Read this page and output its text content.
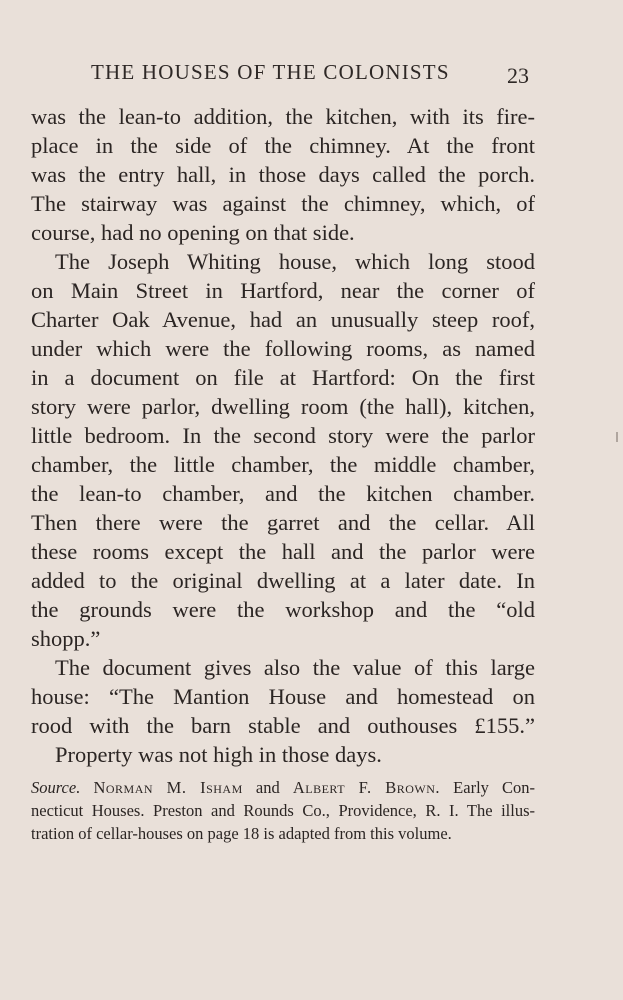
THE HOUSES OF THE COLONISTS	23
was the lean-to addition, the kitchen, with its fire-
place in the side of the chimney. At the front
was the entry hall, in those days called the porch.
The stairway was against the chimney, which, of
course, had no opening on that side.
The Joseph Whiting house, which long stood
on Main Street in Hartford, near the corner of
Charter Oak Avenue, had an unusually steep roof,
under which were the following rooms, as named
in a document on file at Hartford: On the first
story were parlor, dwelling room (the hall), kitchen,
little bedroom. In the second story were the parlor
chamber, the little chamber, the middle chamber,
the lean-to chamber, and the kitchen chamber.
Then there were the garret and the cellar. All
these rooms except the hall and the parlor were
added to the original dwelling at a later date. In
the grounds were the workshop and the “old
shopp.”
The document gives also the value of this large
house: “The Mantion House and homestead on
rood with the barn stable and outhouses £155.”
Property was not high in those days.
Source. Norman M. Isham and Albert F. Brown. Early Con-
necticut Houses. Preston and Rounds Co., Providence, R. I. The illus-
tration of cellar-houses on page 18 is adapted from this volume.
